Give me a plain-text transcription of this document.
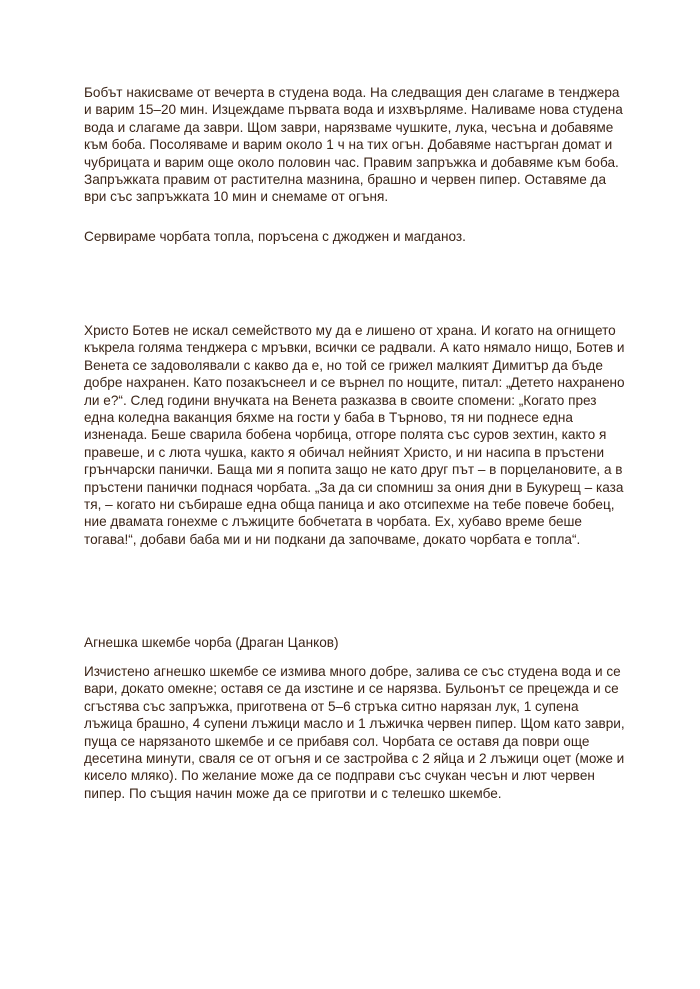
Бобът накисваме от вечерта в студена вода. На следващия ден слагаме в тенджера и варим 15–20 мин. Изцеждаме първата вода и изхвърляме. Наливаме нова студена вода и слагаме да заври. Щом заври, нарязваме чушките, лука, чесъна и добавяме към боба. Посоляваме и варим около 1 ч на тих огън. Добавяме настърган домат и чубрицата и варим още около половин час. Правим запръжка и добавяме към боба. Запръжката правим от растителна мазнина, брашно и червен пипер. Оставяме да ври със запръжката 10 мин и снемаме от огъня.

Сервираме чорбата топла, поръсена с джоджен и магданоз.

Христо Ботев не искал семейството му да е лишено от храна. И когато на огнището къкрела голяма тенджера с мръвки, всички се радвали. А като нямало нищо, Ботев и Венета се задоволявали с какво да е, но той се грижел малкият Димитър да бъде добре нахранен. Като позакъснеел и се върнел по нощите, питал: „Детето нахранено ли е?“. След години внучката на Венета разказва в своите спомени: „Когато през една коледна ваканция бяхме на гости у баба в Търново, тя ни поднесе една изненада. Беше сварила бобена чорбица, отгоре полята със суров зехтин, както я правеше, и с лютa чушка, както я обичал нейният Христо, и ни насипа в пръстени грънчарски панички. Баща ми я попита защо не като друг път – в порцелановите, а в пръстени панички поднася чорбата. „За да си спомниш за ония дни в Букурещ – каза тя, – когато ни събираше една обща паница и ако отсипехме на тебе повече бобец, ние двамата гонехме с лъжиците бобчетата в чорбата. Ех, хубаво време беше тогава!“, добави баба ми и ни подкани да започваме, докато чорбата е топла“.

Агнешка шкембе чорба (Драган Цанков)

Изчистено агнешко шкембе се измива много добре, залива се със студена вода и се вари, докато омекне; оставя се да изстине и се нарязва. Бульонът се прецежда и се сгъстява със запръжка, приготвена от 5–6 стръка ситно нарязан лук, 1 супена лъжица брашно, 4 супени лъжици масло и 1 лъжичка червен пипер. Щом като заври, пуща се нарязаното шкембе и се прибавя сол. Чорбата се оставя да поври още десетина минути, сваля се от огъня и се застройва с 2 яйца и 2 лъжици оцет (може и кисело мляко). По желание може да се подправи със счукан чесън и лют червен пипер. По същия начин може да се приготви и с телешко шкембе.
